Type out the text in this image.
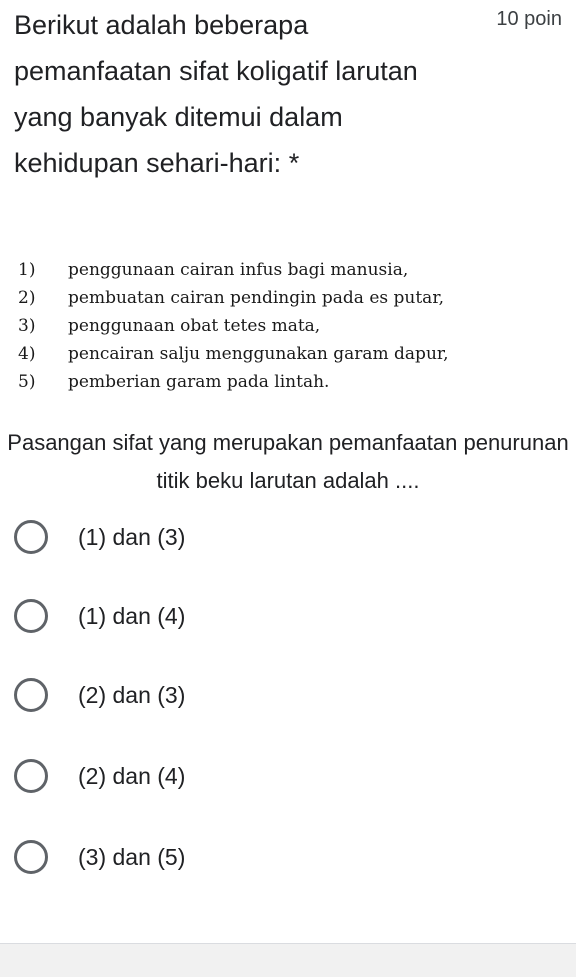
Berikut adalah beberapa pemanfaatan sifat koligatif larutan yang banyak ditemui dalam kehidupan sehari-hari: *
10 poin
1)	penggunaan cairan infus bagi manusia,
2)	pembuatan cairan pendingin pada es putar,
3)	penggunaan obat tetes mata,
4)	pencairan salju menggunakan garam dapur,
5)	pemberian garam pada lintah.
Pasangan sifat yang merupakan pemanfaatan penurunan titik beku larutan adalah ....
(1) dan (3)
(1) dan (4)
(2) dan (3)
(2) dan (4)
(3) dan (5)
